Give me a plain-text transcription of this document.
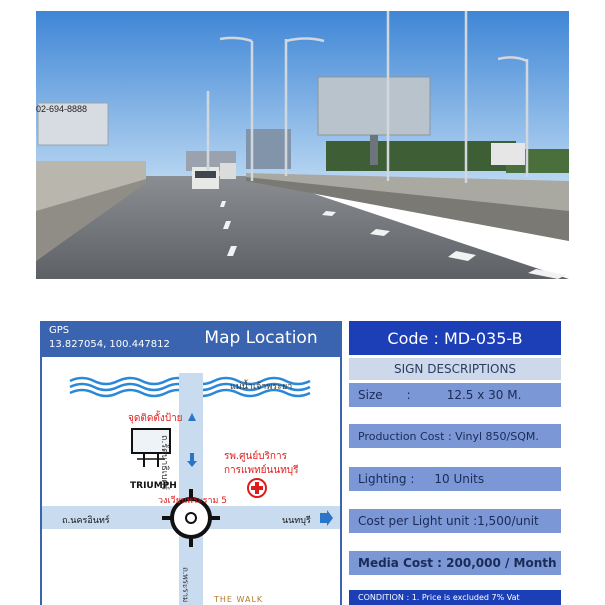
02-694-8888
GPS
13.827054, 100.447812	Map Location
แม่น้ำเจ้าพระยา
ถ.รัตนาธิเบศร์
จุดติดตั้งป้าย
รพ.ศูนย์บริการ
การแพทย์นนทบุรี
TRIUMPH
วงเวียนพระราม 5
ถ.นครอินทร์	นนทบุรี
ถ.พระราม	THE WALK
Code : MD-035-B
SIGN DESCRIPTIONS
Size :	12.5 x 30 M.
Production Cost : Vinyl 850/SQM.
Lighting : 10 Units
Cost per Light unit :1,500/unit
Media Cost : 200,000 / Month
CONDITION : 1. Price is excluded 7% Vat
